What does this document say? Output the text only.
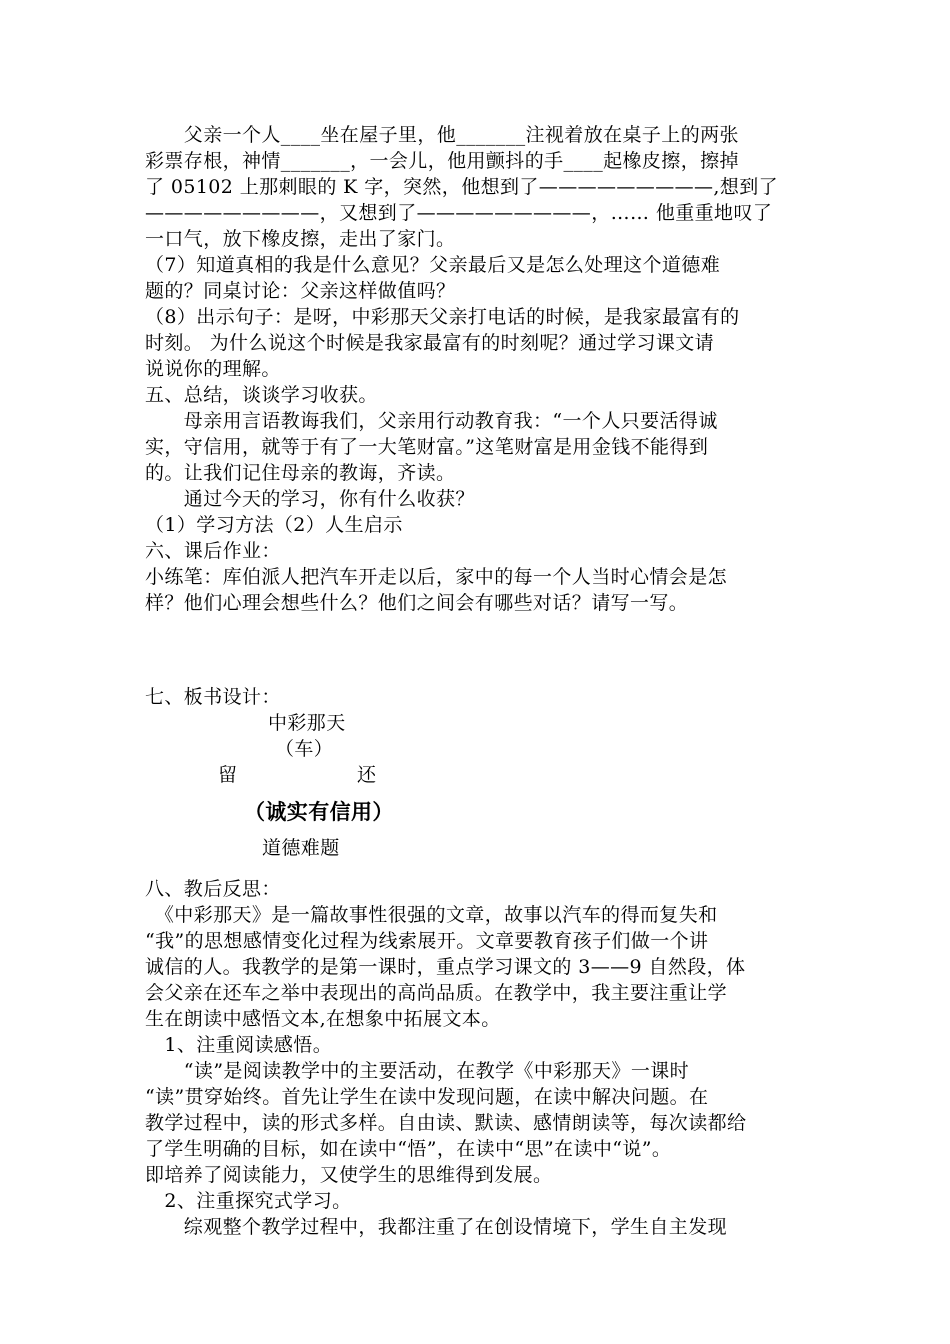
　　父亲一个人____坐在屋子里，他_______注视着放在桌子上的两张
彩票存根，神情_______，一会儿，他用颤抖的手____起橡皮擦，擦掉
了 05102 上那刺眼的 K 字，突然，他想到了—————————,想到了
—————————，又想到了—————————，…… 他重重地叹了
一口气，放下橡皮擦，走出了家门。
（7）知道真相的我是什么意见？父亲最后又是怎么处理这个道德难
题的？同桌讨论：父亲这样做值吗？
（8）出示句子：是呀，中彩那天父亲打电话的时候，是我家最富有的
时刻。 为什么说这个时候是我家最富有的时刻呢？通过学习课文请
说说你的理解。
五、总结，谈谈学习收获。
　　母亲用言语教诲我们，父亲用行动教育我：“一个人只要活得诚
实，守信用，就等于有了一大笔财富。”这笔财富是用金钱不能得到
的。让我们记住母亲的教诲，齐读。
　　通过今天的学习，你有什么收获？
（1）学习方法（2）人生启示
六、课后作业：
小练笔：库伯派人把汽车开走以后，家中的每一个人当时心情会是怎
样？他们心理会想些什么？他们之间会有哪些对话？请写一写。
七、板书设计：
中彩那天
（车）
留	还
（诚实有信用）
道德难题
八、教后反思：
　《中彩那天》是一篇故事性很强的文章，故事以汽车的得而复失和
“我”的思想感情变化过程为线索展开。文章要教育孩子们做一个讲
诚信的人。我教学的是第一课时，重点学习课文的 3——9 自然段，体
会父亲在还车之举中表现出的高尚品质。在教学中，我主要注重让学
生在朗读中感悟文本,在想象中拓展文本。
　1、注重阅读感悟。
　　“读”是阅读教学中的主要活动，在教学《中彩那天》一课时
“读”贯穿始终。首先让学生在读中发现问题，在读中解决问题。在
教学过程中，读的形式多样。自由读、默读、感情朗读等，每次读都给
了学生明确的目标，如在读中“悟”，在读中“思”在读中“说”。
即培养了阅读能力，又使学生的思维得到发展。
　2、注重探究式学习。
　　综观整个教学过程中，我都注重了在创设情境下，学生自主发现
